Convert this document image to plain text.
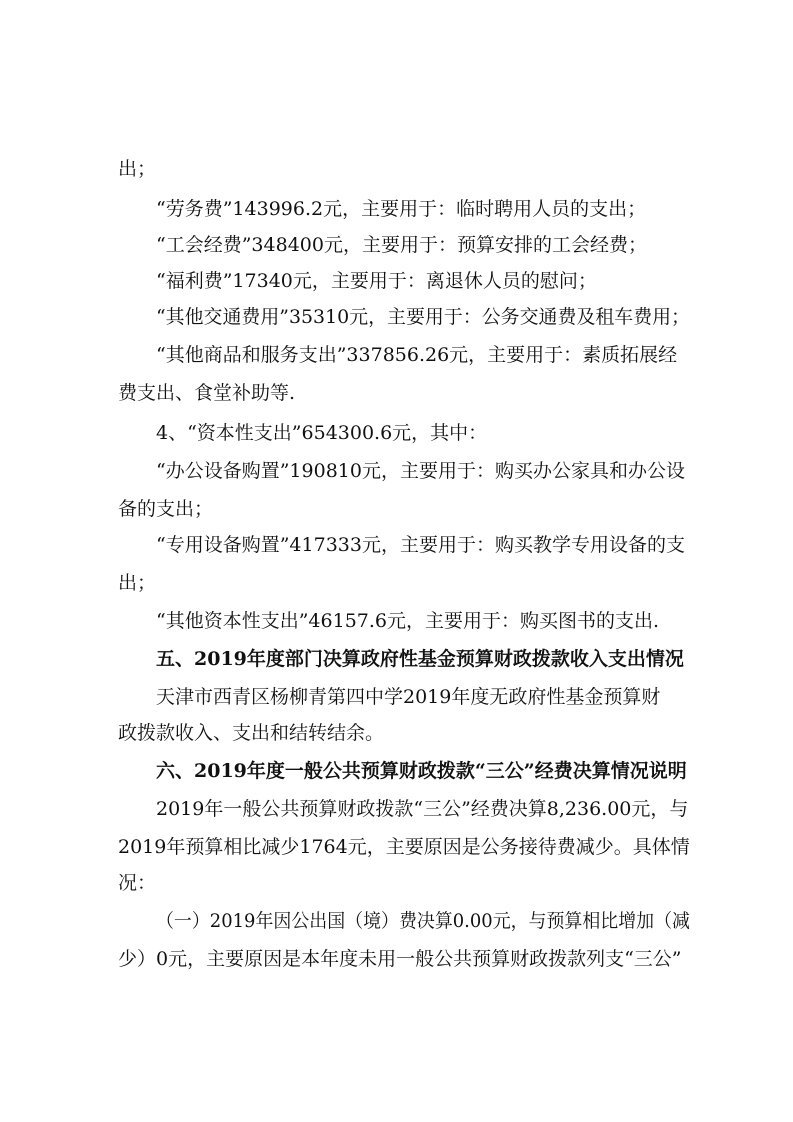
出；
“劳务费”143996.2元，主要用于：临时聘用人员的支出；
“工会经费”348400元，主要用于：预算安排的工会经费；
“福利费”17340元，主要用于：离退休人员的慰问；
“其他交通费用”35310元，主要用于：公务交通费及租车费用；
“其他商品和服务支出”337856.26元，主要用于：素质拓展经
费支出、食堂补助等.
4、“资本性支出”654300.6元，其中：
“办公设备购置”190810元，主要用于：购买办公家具和办公设
备的支出；
“专用设备购置”417333元，主要用于：购买教学专用设备的支
出；
“其他资本性支出”46157.6元，主要用于：购买图书的支出.
五、2019年度部门决算政府性基金预算财政拨款收入支出情况
天津市西青区杨柳青第四中学2019年度无政府性基金预算财
政拨款收入、支出和结转结余。
六、2019年度一般公共预算财政拨款“三公”经费决算情况说明
2019年一般公共预算财政拨款“三公”经费决算8,236.00元，与
2019年预算相比减少1764元，主要原因是公务接待费减少。具体情
况：
（一）2019年因公出国（境）费决算0.00元，与预算相比增加（减
少）0元，主要原因是本年度未用一般公共预算财政拨款列支“三公”
